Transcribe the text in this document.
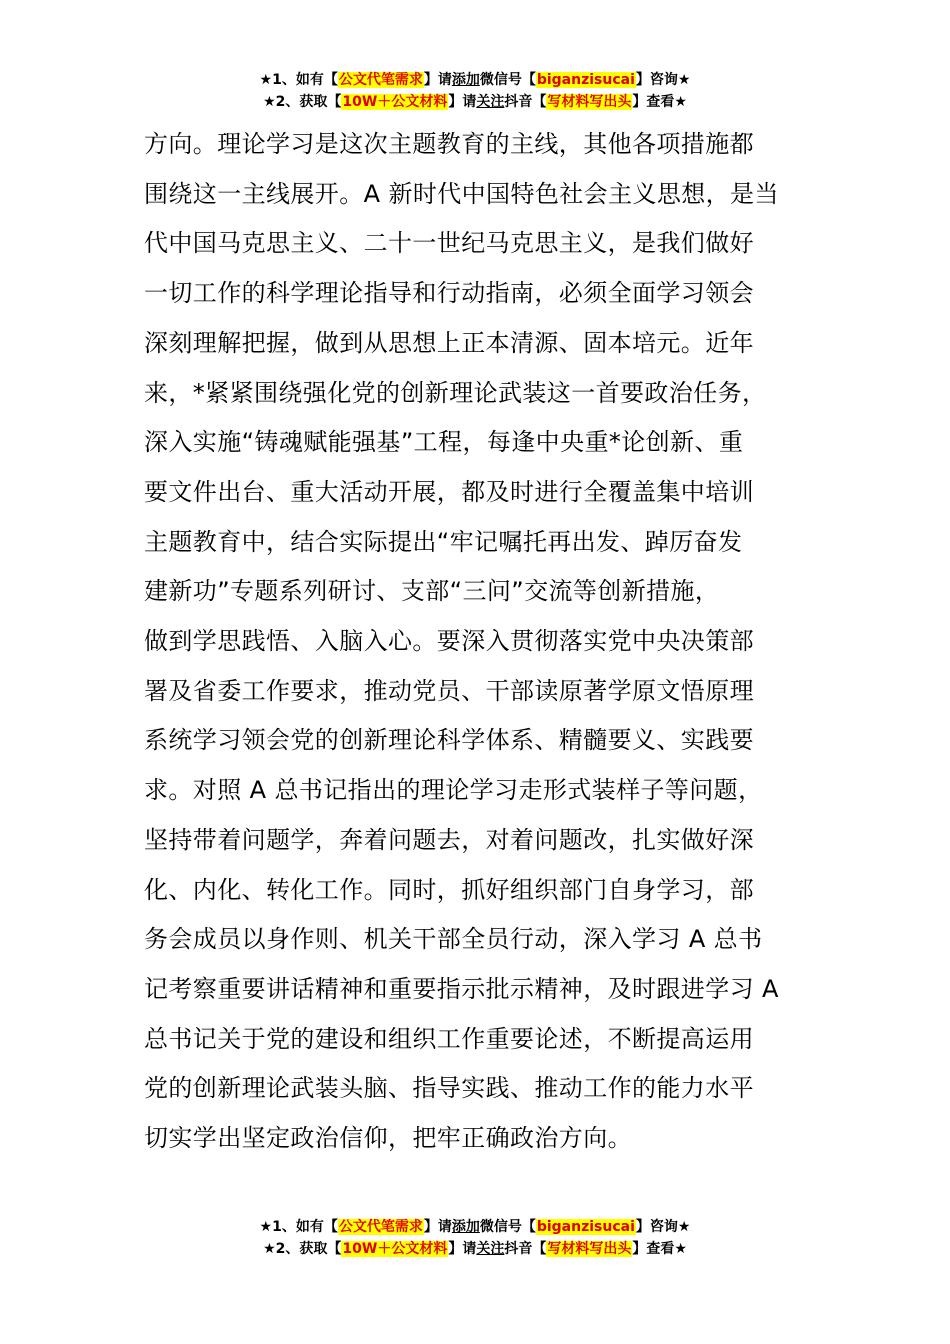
★1、如有【公文代笔需求】请添加微信号【biganzisucai】咨询★
★2、获取【10W＋公文材料】请关注抖音【写材料写出头】查看★
方向。理论学习是这次主题教育的主线，其他各项措施都
围绕这一主线展开。A 新时代中国特色社会主义思想，是当
代中国马克思主义、二十一世纪马克思主义，是我们做好
一切工作的科学理论指导和行动指南，必须全面学习领会
深刻理解把握，做到从思想上正本清源、固本培元。近年
来，*紧紧围绕强化党的创新理论武装这一首要政治任务，
深入实施“铸魂赋能强基”工程，每逢中央重*论创新、重
要文件出台、重大活动开展，都及时进行全覆盖集中培训
主题教育中，结合实际提出“牢记嘱托再出发、踔厉奋发
建新功”专题系列研讨、支部“三问”交流等创新措施，
做到学思践悟、入脑入心。要深入贯彻落实党中央决策部
署及省委工作要求，推动党员、干部读原著学原文悟原理
系统学习领会党的创新理论科学体系、精髓要义、实践要
求。对照 A 总书记指出的理论学习走形式装样子等问题，
坚持带着问题学，奔着问题去，对着问题改，扎实做好深
化、内化、转化工作。同时，抓好组织部门自身学习，部
务会成员以身作则、机关干部全员行动，深入学习 A 总书
记考察重要讲话精神和重要指示批示精神，及时跟进学习 A
总书记关于党的建设和组织工作重要论述，不断提高运用
党的创新理论武装头脑、指导实践、推动工作的能力水平
切实学出坚定政治信仰，把牢正确政治方向。
★1、如有【公文代笔需求】请添加微信号【biganzisucai】咨询★
★2、获取【10W＋公文材料】请关注抖音【写材料写出头】查看★
